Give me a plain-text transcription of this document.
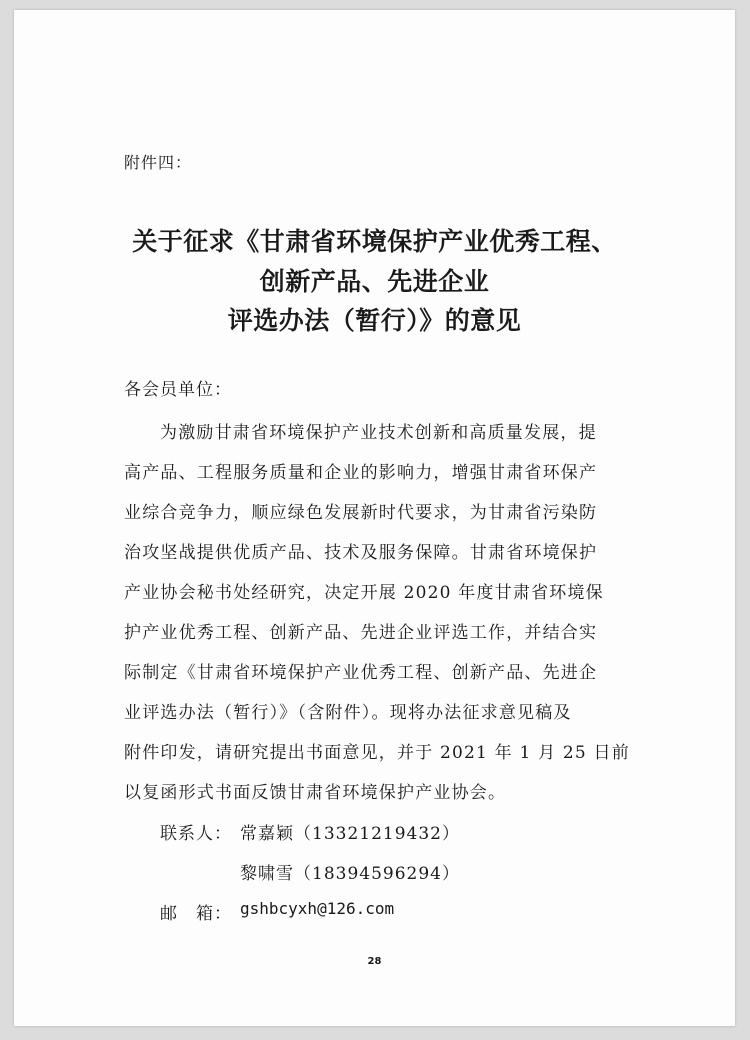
附件四：
关于征求《甘肃省环境保护产业优秀工程、
创新产品、先进企业
评选办法（暂行）》的意见
各会员单位：
为激励甘肃省环境保护产业技术创新和高质量发展，提
高产品、工程服务质量和企业的影响力，增强甘肃省环保产
业综合竞争力，顺应绿色发展新时代要求，为甘肃省污染防
治攻坚战提供优质产品、技术及服务保障。甘肃省环境保护
产业协会秘书处经研究，决定开展 2020 年度甘肃省环境保
护产业优秀工程、创新产品、先进企业评选工作，并结合实
际制定《甘肃省环境保护产业优秀工程、创新产品、先进企
业评选办法（暂行）》（含附件）。现将办法征求意见稿及
附件印发，请研究提出书面意见，并于 2021 年 1 月 25 日前
以复函形式书面反馈甘肃省环境保护产业协会。
联系人： 常嘉颖（13321219432）
黎啸雪（18394596294）
邮　箱： gshbcyxh@126.com
28
